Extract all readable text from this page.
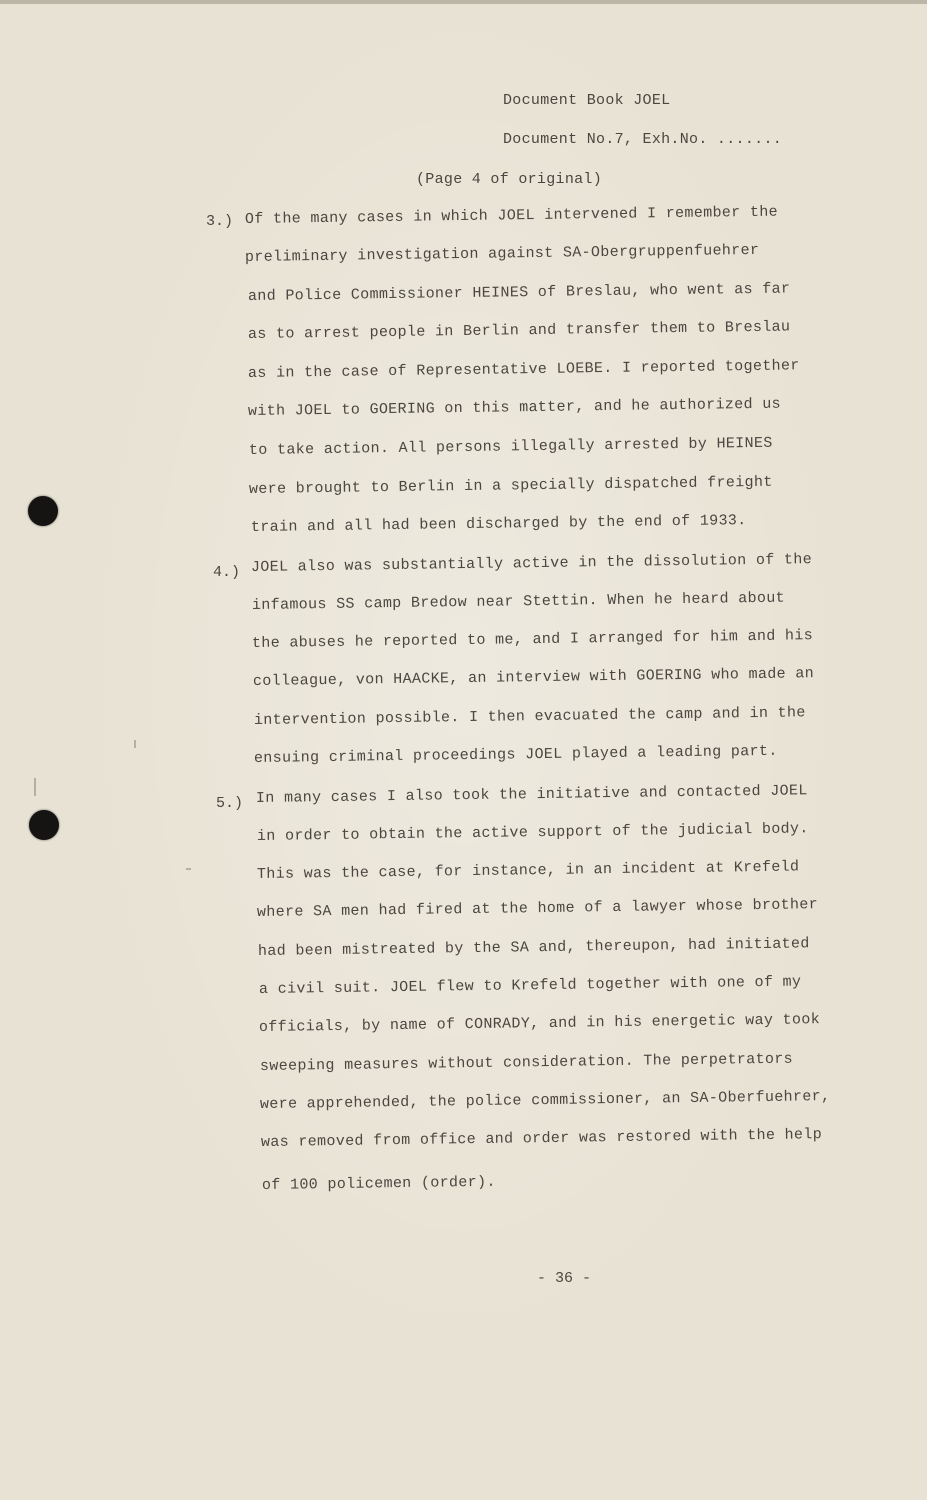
Document Book JOEL
Document No.7, Exh.No. .......
(Page 4 of original)
3.) Of the many cases in which JOEL intervened I remember the
preliminary investigation against SA-Obergruppenfuehrer
and Police Commissioner HEINES of Breslau, who went as far
as to arrest people in Berlin and transfer them to Breslau
as in the case of Representative LOEBE. I reported together
with JOEL to GOERING on this matter, and he authorized us
to take action. All persons illegally arrested by HEINES
were brought to Berlin in a specially dispatched freight
train and all had been discharged by the end of 1933.
4.) JOEL also was substantially active in the dissolution of the
infamous SS camp Bredow near Stettin. When he heard about
the abuses he reported to me, and I arranged for him and his
colleague, von HAACKE, an interview with GOERING who made an
intervention possible. I then evacuated the camp and in the
ensuing criminal proceedings JOEL played a leading part.
5.) In many cases I also took the initiative and contacted JOEL
in order to obtain the active support of the judicial body.
This was the case, for instance, in an incident at Krefeld
where SA men had fired at the home of a lawyer whose brother
had been mistreated by the SA and, thereupon, had initiated
a civil suit. JOEL flew to Krefeld together with one of my
officials, by name of CONRADY, and in his energetic way took
sweeping measures without consideration. The perpetrators
were apprehended, the police commissioner, an SA-Oberfuehrer,
was removed from office and order was restored with the help
of 100 policemen (order).
- 36 -
